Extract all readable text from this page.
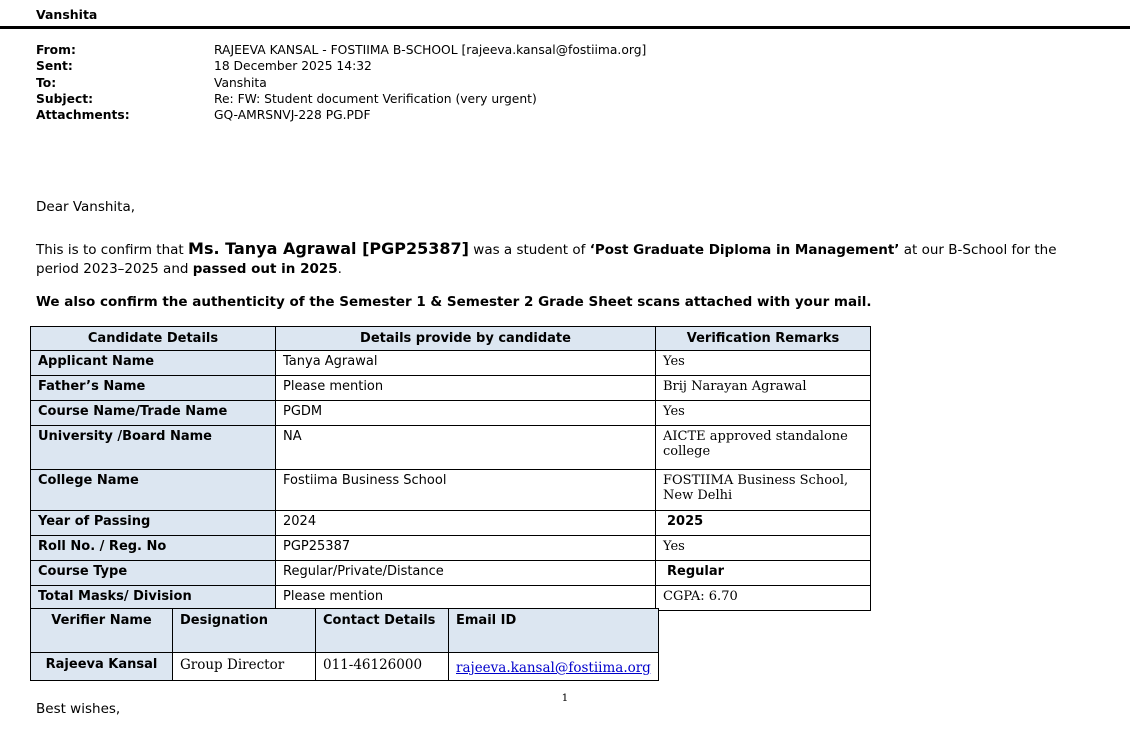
Vanshita
From:	RAJEEVA KANSAL - FOSTIIMA B-SCHOOL [rajeeva.kansal@fostiima.org]
Sent:	18 December 2025 14:32
To:	Vanshita
Subject:	Re: FW: Student document Verification (very urgent)
Attachments:	GQ-AMRSNVJ-228 PG.PDF
Dear Vanshita,
This is to confirm that Ms. Tanya Agrawal [PGP25387] was a student of ‘Post Graduate Diploma in Management’ at our B-School for the period 2023–2025 and passed out in 2025.
We also confirm the authenticity of the Semester 1 & Semester 2 Grade Sheet scans attached with your mail.
Candidate Details	Details provide by candidate	Verification Remarks
Applicant Name	Tanya Agrawal	Yes
Father’s Name	Please mention	Brij Narayan Agrawal
Course Name/Trade Name	PGDM	Yes
University /Board Name	NA	AICTE approved standalone college
College Name	Fostiima Business School	FOSTIIMA Business School, New Delhi
Year of Passing	2024	2025
Roll No. / Reg. No	PGP25387	Yes
Course Type	Regular/Private/Distance	Regular
Total Masks/ Division	Please mention	CGPA: 6.70
Verifier Name	Designation	Contact Details	Email ID
Rajeeva Kansal	Group Director	011-46126000	rajeeva.kansal@fostiima.org
1
Best wishes,
